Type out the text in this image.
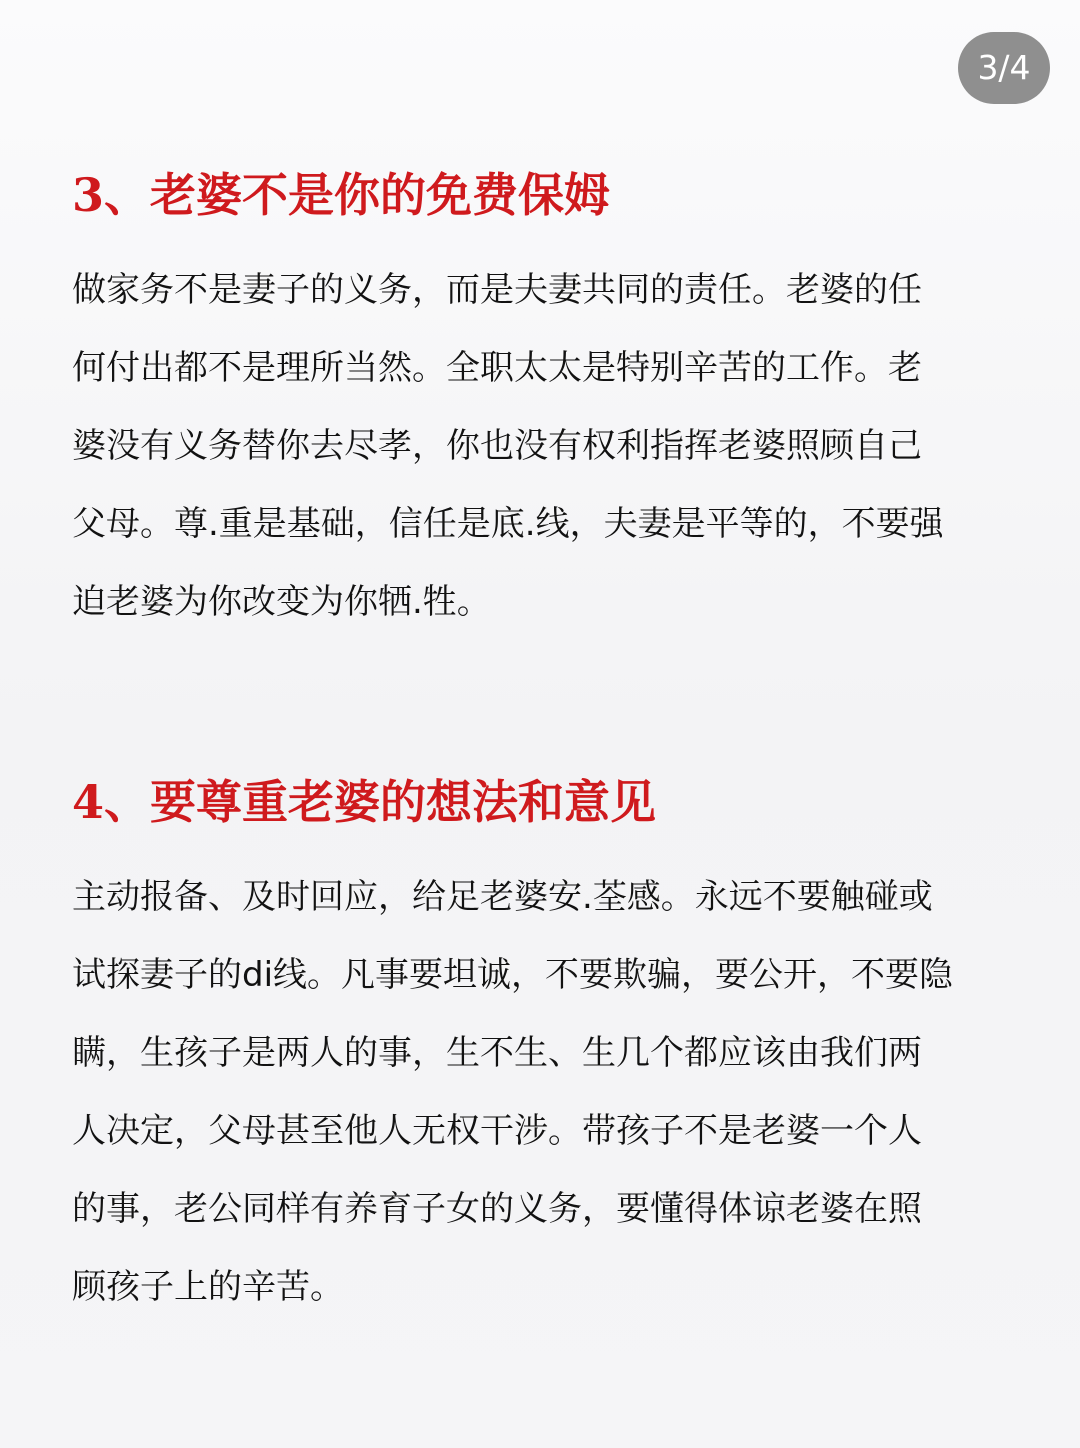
3/4
3、老婆不是你的免费保姆

做家务不是妻子的义务，而是夫妻共同的责任。老婆的任
何付出都不是理所当然。全职太太是特别辛苦的工作。老
婆没有义务替你去尽孝，你也没有权利指挥老婆照顾自己
父母。尊.重是基础，信任是底.线，夫妻是平等的，不要强
迫老婆为你改变为你牺.牲。

4、要尊重老婆的想法和意见

主动报备、及时回应，给足老婆安.荃感。永远不要触碰或
试探妻子的di线。凡事要坦诚，不要欺骗，要公开，不要隐
瞒，生孩子是两人的事，生不生、生几个都应该由我们两
人决定，父母甚至他人无权干涉。带孩子不是老婆一个人
的事，老公同样有养育子女的义务，要懂得体谅老婆在照
顾孩子上的辛苦。
